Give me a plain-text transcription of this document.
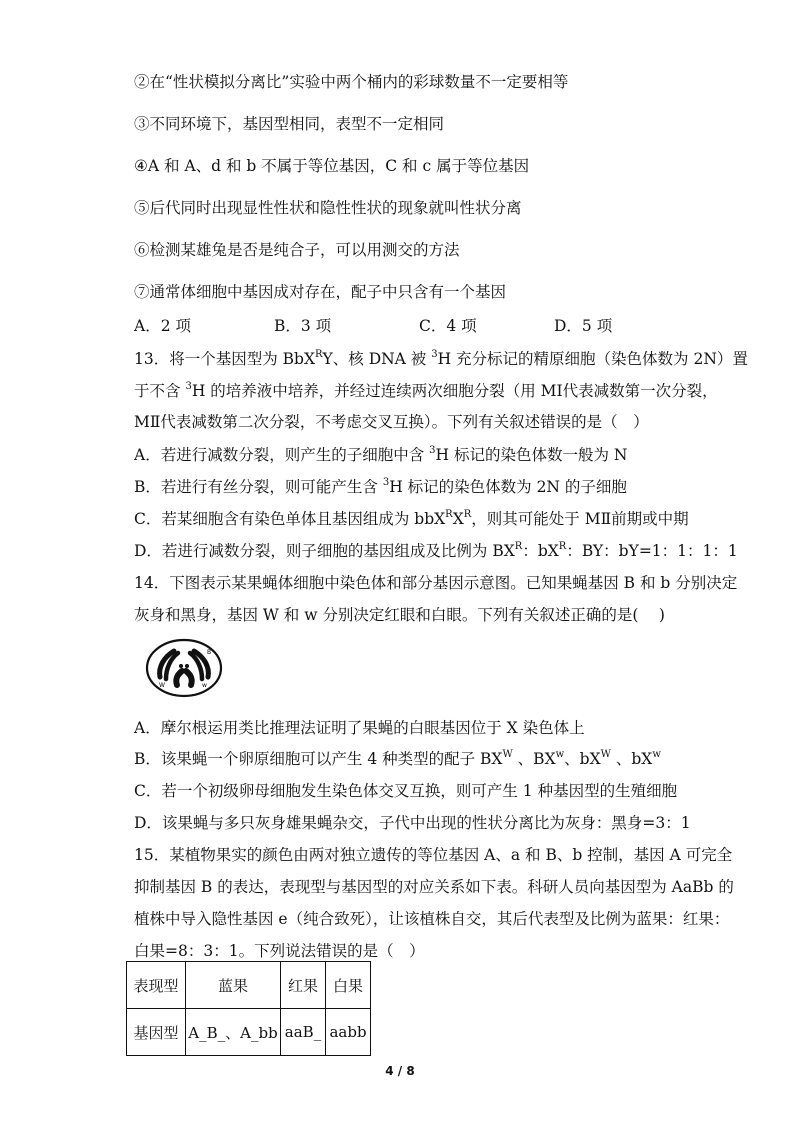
②在“性状模拟分离比”实验中两个桶内的彩球数量不一定要相等
③不同环境下，基因型相同，表型不一定相同
④A 和 A、d 和 b 不属于等位基因，C 和 c 属于等位基因
⑤后代同时出现显性性状和隐性性状的现象就叫性状分离
⑥检测某雄兔是否是纯合子，可以用测交的方法
⑦通常体细胞中基因成对存在，配子中只含有一个基因
A．2 项	B．3 项	C．4 项	D．5 项
13．将一个基因型为 BbX$^R$Y、核 DNA 被 $^3$H 充分标记的精原细胞（染色体数为 2N）置
于不含 $^3$H 的培养液中培养，并经过连续两次细胞分裂（用 MⅠ代表减数第一次分裂，
MⅡ代表减数第二次分裂，不考虑交叉互换）。下列有关叙述错误的是（　）
A．若进行减数分裂，则产生的子细胞中含 $^3$H 标记的染色体数一般为 N
B．若进行有丝分裂，则可能产生含 $^3$H 标记的染色体数为 2N 的子细胞
C．若某细胞含有染色单体且基因组成为 $bbX^RX^R$，则其可能处于 MⅡ前期或中期
D．若进行减数分裂，则子细胞的基因组成及比例为 $BX^R$：$bX^R$：BY：bY=1：1：1：1
14．下图表示某果蝇体细胞中染色体和部分基因示意图。已知果蝇基因 B 和 b 分别决定
灰身和黑身，基因 W 和 w 分别决定红眼和白眼。下列有关叙述正确的是(　 )
B
b
W	w
A．摩尔根运用类比推理法证明了果蝇的白眼基因位于 X 染色体上
B．该果蝇一个卵原细胞可以产生 4 种类型的配子 $BX^W$ 、$BX^w$、$bX^W$ 、$bX^w$
C．若一个初级卵母细胞发生染色体交叉互换，则可产生 1 种基因型的生殖细胞
D．该果蝇与多只灰身雄果蝇杂交，子代中出现的性状分离比为灰身：黑身=3：1
15．某植物果实的颜色由两对独立遗传的等位基因 A、a 和 B、b 控制，基因 A 可完全
抑制基因 B 的表达，表现型与基因型的对应关系如下表。科研人员向基因型为 AaBb 的
植株中导入隐性基因 e（纯合致死），让该植株自交，其后代表型及比例为蓝果：红果：
白果=8：3：1。下列说法错误的是（　）
表现型	蓝果	红果	白果
基因型	A_B_、A_bb	aaB_	aabb
4 / 8
